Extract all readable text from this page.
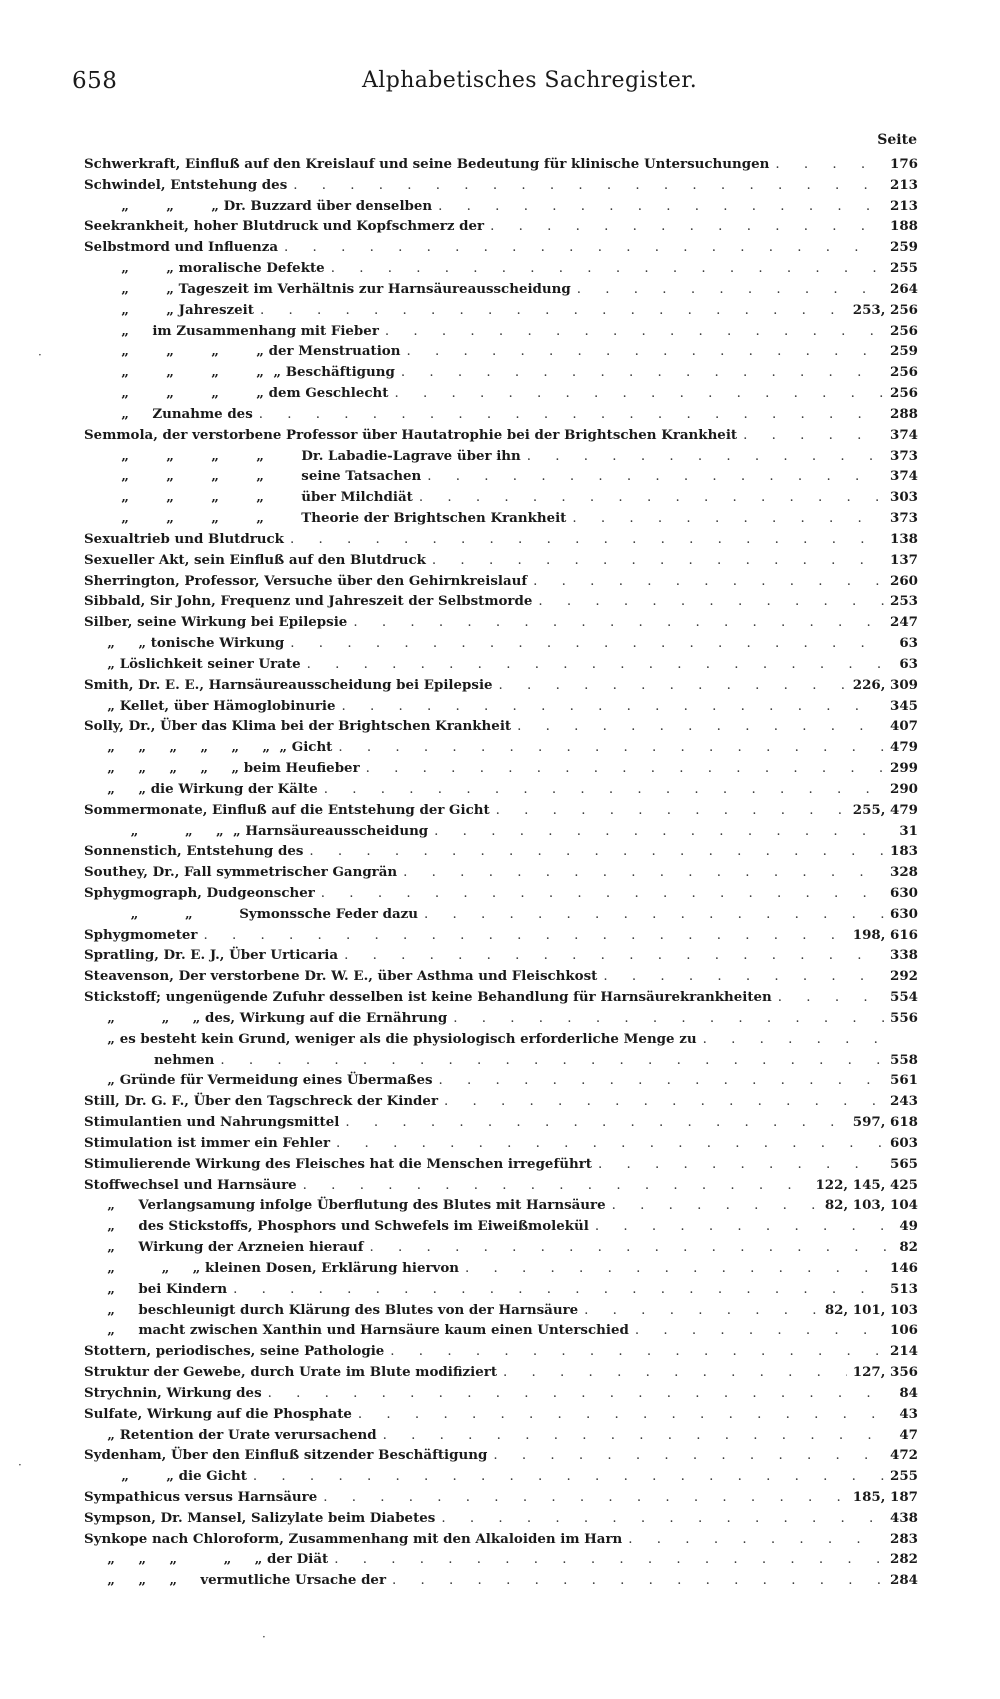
658	Alphabetisches Sachregister.
Seite
Schwerkraft, Einfluß auf den Kreislauf und seine Bedeutung für klinische Untersuchungen . . .	176
Schwindel, Entstehung des . . .	213
„        „        „ Dr. Buzzard über denselben . . .	213
Seekrankheit, hoher Blutdruck und Kopfschmerz der . . .	188
Selbstmord und Influenza . . .	259
„        „ moralische Defekte . . .	255
„        „ Tageszeit im Verhältnis zur Harnsäureausscheidung . . .	264
„        „ Jahreszeit . . .	253, 256
„ im Zusammenhang mit Fieber . . .	256
„        „        „        „ der Menstruation . . .	259
„        „        „        „  „ Beschäftigung . . .	256
„        „        „        „ dem Geschlecht . . .	256
„ Zunahme des . . .	288
Semmola, der verstorbene Professor über Hautatrophie bei der Brightschen Krankheit . . .	374
„        „        „        „ Dr. Labadie-Lagrave über ihn . . .	373
„        „        „        „ seine Tatsachen . . .	374
„        „        „        „ über Milchdiät . . .	303
„        „        „        „ Theorie der Brightschen Krankheit . . .	373
Sexualtrieb und Blutdruck . . .	138
Sexueller Akt, sein Einfluß auf den Blutdruck . . .	137
Sherrington, Professor, Versuche über den Gehirnkreislauf . . .	260
Sibbald, Sir John, Frequenz und Jahreszeit der Selbstmorde . . .	253
Silber, seine Wirkung bei Epilepsie . . .	247
„     „ tonische Wirkung . . .	63
„ Löslichkeit seiner Urate . . .	63
Smith, Dr. E. E., Harnsäureausscheidung bei Epilepsie . . .	226, 309
„ Kellet, über Hämoglobinurie . . .	345
Solly, Dr., Über das Klima bei der Brightschen Krankheit . . .	407
„     „     „     „     „     „  „ Gicht . . .	479
„     „     „     „     „ beim Heufieber . . .	299
„     „ die Wirkung der Kälte . . .	290
Sommermonate, Einfluß auf die Entstehung der Gicht . . .	255, 479
„          „     „  „ Harnsäureausscheidung . . .	31
Sonnenstich, Entstehung des . . .	183
Southey, Dr., Fall symmetrischer Gangrän . . .	328
Sphygmograph, Dudgeonscher . . .	630
„          „ Symonssche Feder dazu . . .	630
Sphygmometer . . .	198, 616
Spratling, Dr. E. J., Über Urticaria . . .	338
Steavenson, Der verstorbene Dr. W. E., über Asthma und Fleischkost . . .	292
Stickstoff; ungenügende Zufuhr desselben ist keine Behandlung für Harnsäurekrankheiten . . .	554
„          „     „ des, Wirkung auf die Ernährung . . .	556
„ es besteht kein Grund, weniger als die physiologisch erforderliche Menge zu
. . .

nehmen . . .	558
„ Gründe für Vermeidung eines Übermaßes . . .	561
Still, Dr. G. F., Über den Tagschreck der Kinder . . .	243
Stimulantien und Nahrungsmittel . . .	597, 618
Stimulation ist immer ein Fehler . . .	603
Stimulierende Wirkung des Fleisches hat die Menschen irregeführt . . .	565
Stoffwechsel und Harnsäure . . .	122, 145, 425
„ Verlangsamung infolge Überflutung des Blutes mit Harnsäure . . .	82, 103, 104
„ des Stickstoffs, Phosphors und Schwefels im Eiweißmolekül . . .	49
„ Wirkung der Arzneien hierauf . . .	82
„          „     „ kleinen Dosen, Erklärung hiervon . . .	146
„ bei Kindern . . .	513
„ beschleunigt durch Klärung des Blutes von der Harnsäure . . .	82, 101, 103
„ macht zwischen Xanthin und Harnsäure kaum einen Unterschied . . .	106
Stottern, periodisches, seine Pathologie . . .	214
Struktur der Gewebe, durch Urate im Blute modifiziert . . .	127, 356
Strychnin, Wirkung des . . .	84
Sulfate, Wirkung auf die Phosphate . . .	43
„ Retention der Urate verursachend . . .	47
Sydenham, Über den Einfluß sitzender Beschäftigung . . .	472
„        „ die Gicht . . .	255
Sympathicus versus Harnsäure . . .	185, 187
Sympson, Dr. Mansel, Salizylate beim Diabetes . . .	438
Synkope nach Chloroform, Zusammenhang mit den Alkaloiden im Harn . . .	283
„     „     „          „     „ der Diät . . .	282
„     „     „ vermutliche Ursache der . . .	284
·
·
·
